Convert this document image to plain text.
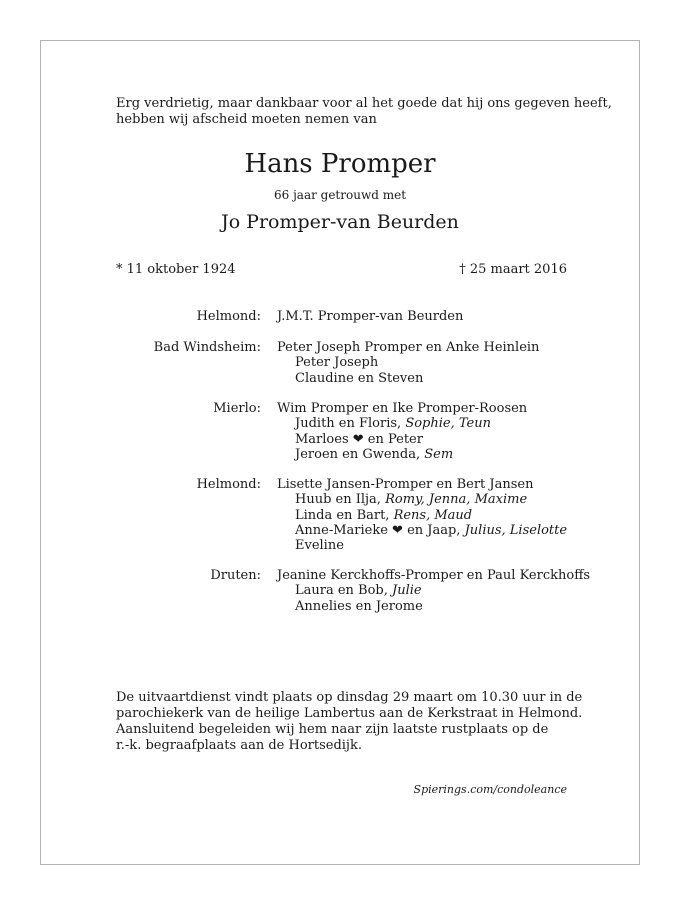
Erg verdrietig, maar dankbaar voor al het goede dat hij ons gegeven heeft,
hebben wij afscheid moeten nemen van
Hans Promper
66 jaar getrouwd met
Jo Promper-van Beurden
* 11 oktober 1924	† 25 maart 2016
Helmond: J.M.T. Promper-van Beurden
Bad Windsheim: Peter Joseph Promper en Anke Heinlein
Peter Joseph
Claudine en Steven
Mierlo: Wim Promper en Ike Promper-Roosen
Judith en Floris, Sophie, Teun
Marloes ❤ en Peter
Jeroen en Gwenda, Sem
Helmond: Lisette Jansen-Promper en Bert Jansen
Huub en Ilja, Romy, Jenna, Maxime
Linda en Bart, Rens, Maud
Anne-Marieke ❤ en Jaap, Julius, Liselotte
Eveline
Druten: Jeanine Kerckhoffs-Promper en Paul Kerckhoffs
Laura en Bob, Julie
Annelies en Jerome
De uitvaartdienst vindt plaats op dinsdag 29 maart om 10.30 uur in de
parochiekerk van de heilige Lambertus aan de Kerkstraat in Helmond.
Aansluitend begeleiden wij hem naar zijn laatste rustplaats op de
r.-k. begraafplaats aan de Hortsedijk.
Spierings.com/condoleance
